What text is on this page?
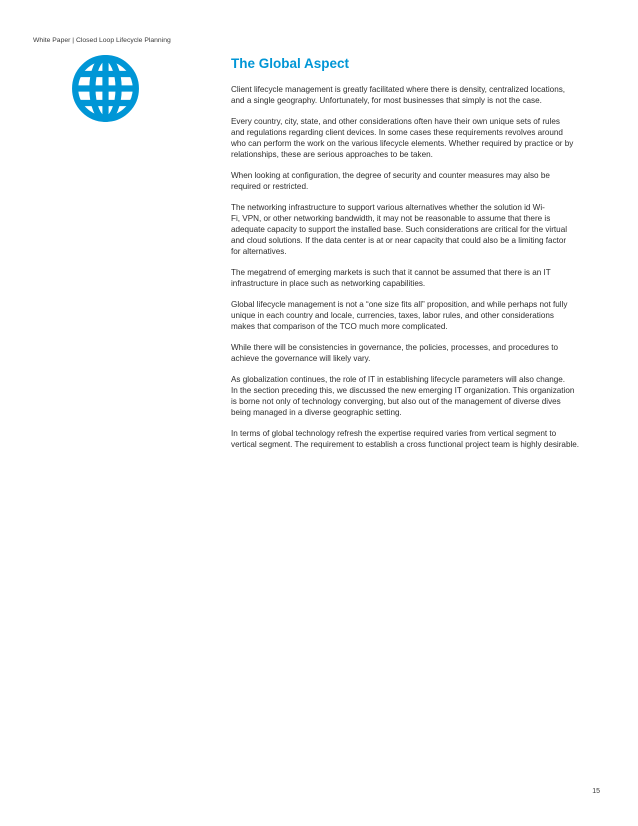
White Paper | Closed Loop Lifecycle Planning
The Global Aspect

Client lifecycle management is greatly facilitated where there is density, centralized locations,
and a single geography. Unfortunately, for most businesses that simply is not the case.

Every country, city, state, and other considerations often have their own unique sets of rules
and regulations regarding client devices. In some cases these requirements revolves around
who can perform the work on the various lifecycle elements. Whether required by practice or by
relationships, these are serious approaches to be taken.

When looking at configuration, the degree of security and counter measures may also be
required or restricted.

The networking infrastructure to support various alternatives whether the solution id Wi-
Fi, VPN, or other networking bandwidth, it may not be reasonable to assume that there is
adequate capacity to support the installed base. Such considerations are critical for the virtual
and cloud solutions. If the data center is at or near capacity that could also be a limiting factor
for alternatives.

The megatrend of emerging markets is such that it cannot be assumed that there is an IT
infrastructure in place such as networking capabilities.

Global lifecycle management is not a “one size fits all” proposition, and while perhaps not fully
unique in each country and locale, currencies, taxes, labor rules, and other considerations
makes that comparison of the TCO much more complicated.

While there will be consistencies in governance, the policies, processes, and procedures to
achieve the governance will likely vary.

As globalization continues, the role of IT in establishing lifecycle parameters will also change.
In the section preceding this, we discussed the new emerging IT organization. This organization
is borne not only of technology converging, but also out of the management of diverse dives
being managed in a diverse geographic setting.

In terms of global technology refresh the expertise required varies from vertical segment to
vertical segment. The requirement to establish a cross functional project team is highly desirable.

15
